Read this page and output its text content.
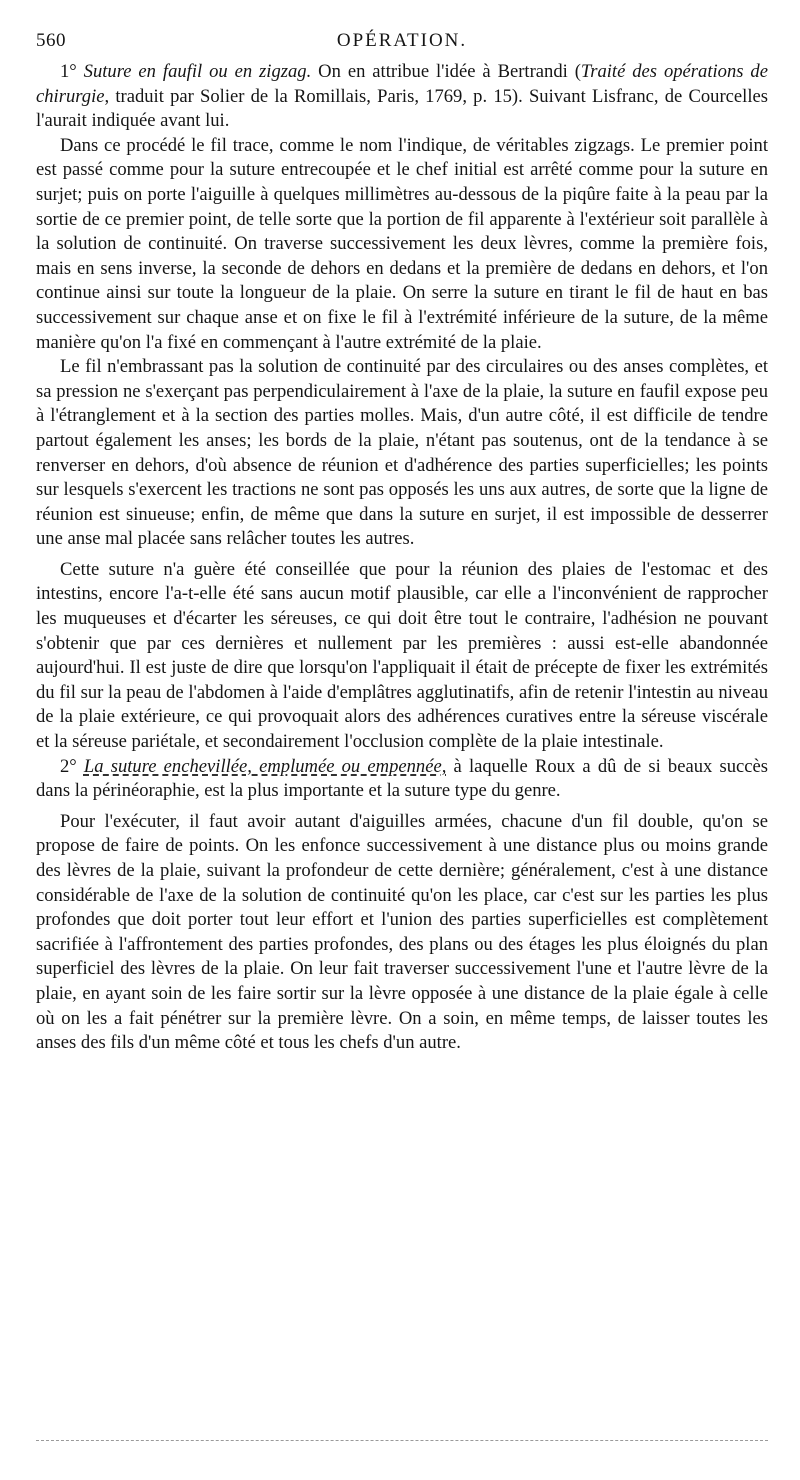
560	OPÉRATION.

1° Suture en faufil ou en zigzag. On en attribue l'idée à Bertrandi (Traité des opérations de chirurgie, traduit par Solier de la Romillais, Paris, 1769, p. 15). Suivant Lisfranc, de Courcelles l'aurait indiquée avant lui.

Dans ce procédé le fil trace, comme le nom l'indique, de véritables zigzags. Le premier point est passé comme pour la suture entrecoupée et le chef initial est arrêté comme pour la suture en surjet; puis on porte l'aiguille à quelques millimètres au-dessous de la piqûre faite à la peau par la sortie de ce premier point, de telle sorte que la portion de fil apparente à l'extérieur soit parallèle à la solution de continuité. On traverse successivement les deux lèvres, comme la première fois, mais en sens inverse, la seconde de dehors en dedans et la première de dedans en dehors, et l'on continue ainsi sur toute la longueur de la plaie. On serre la suture en tirant le fil de haut en bas successivement sur chaque anse et on fixe le fil à l'extrémité inférieure de la suture, de la même manière qu'on l'a fixé en commençant à l'autre extrémité de la plaie.

Le fil n'embrassant pas la solution de continuité par des circulaires ou des anses complètes, et sa pression ne s'exerçant pas perpendiculairement à l'axe de la plaie, la suture en faufil expose peu à l'étranglement et à la section des parties molles. Mais, d'un autre côté, il est difficile de tendre partout également les anses; les bords de la plaie, n'étant pas soutenus, ont de la tendance à se renverser en dehors, d'où absence de réunion et d'adhérence des parties superficielles; les points sur lesquels s'exercent les tractions ne sont pas opposés les uns aux autres, de sorte que la ligne de réunion est sinueuse; enfin, de même que dans la suture en surjet, il est impossible de desserrer une anse mal placée sans relâcher toutes les autres.

Cette suture n'a guère été conseillée que pour la réunion des plaies de l'estomac et des intestins, encore l'a-t-elle été sans aucun motif plausible, car elle a l'inconvénient de rapprocher les muqueuses et d'écarter les séreuses, ce qui doit être tout le contraire, l'adhésion ne pouvant s'obtenir que par ces dernières et nullement par les premières : aussi est-elle abandonnée aujourd'hui. Il est juste de dire que lorsqu'on l'appliquait il était de précepte de fixer les extrémités du fil sur la peau de l'abdomen à l'aide d'emplâtres agglutinatifs, afin de retenir l'intestin au niveau de la plaie extérieure, ce qui provoquait alors des adhérences curatives entre la séreuse viscérale et la séreuse pariétale, et secondairement l'occlusion complète de la plaie intestinale.

2° La suture enchevillée, emplumée ou empennée, à laquelle Roux a dû de si beaux succès dans la périnéoraphie, est la plus importante et la suture type du genre.

Pour l'exécuter, il faut avoir autant d'aiguilles armées, chacune d'un fil double, qu'on se propose de faire de points. On les enfonce successivement à une distance plus ou moins grande des lèvres de la plaie, suivant la profondeur de cette dernière; généralement, c'est à une distance considérable de l'axe de la solution de continuité qu'on les place, car c'est sur les parties les plus profondes que doit porter tout leur effort et l'union des parties superficielles est complètement sacrifiée à l'affrontement des parties profondes, des plans ou des étages les plus éloignés du plan superficiel des lèvres de la plaie. On leur fait traverser successivement l'une et l'autre lèvre de la plaie, en ayant soin de les faire sortir sur la lèvre opposée à une distance de la plaie égale à celle où on les a fait pénétrer sur la première lèvre. On a soin, en même temps, de laisser toutes les anses des fils d'un même côté et tous les chefs d'un autre.
